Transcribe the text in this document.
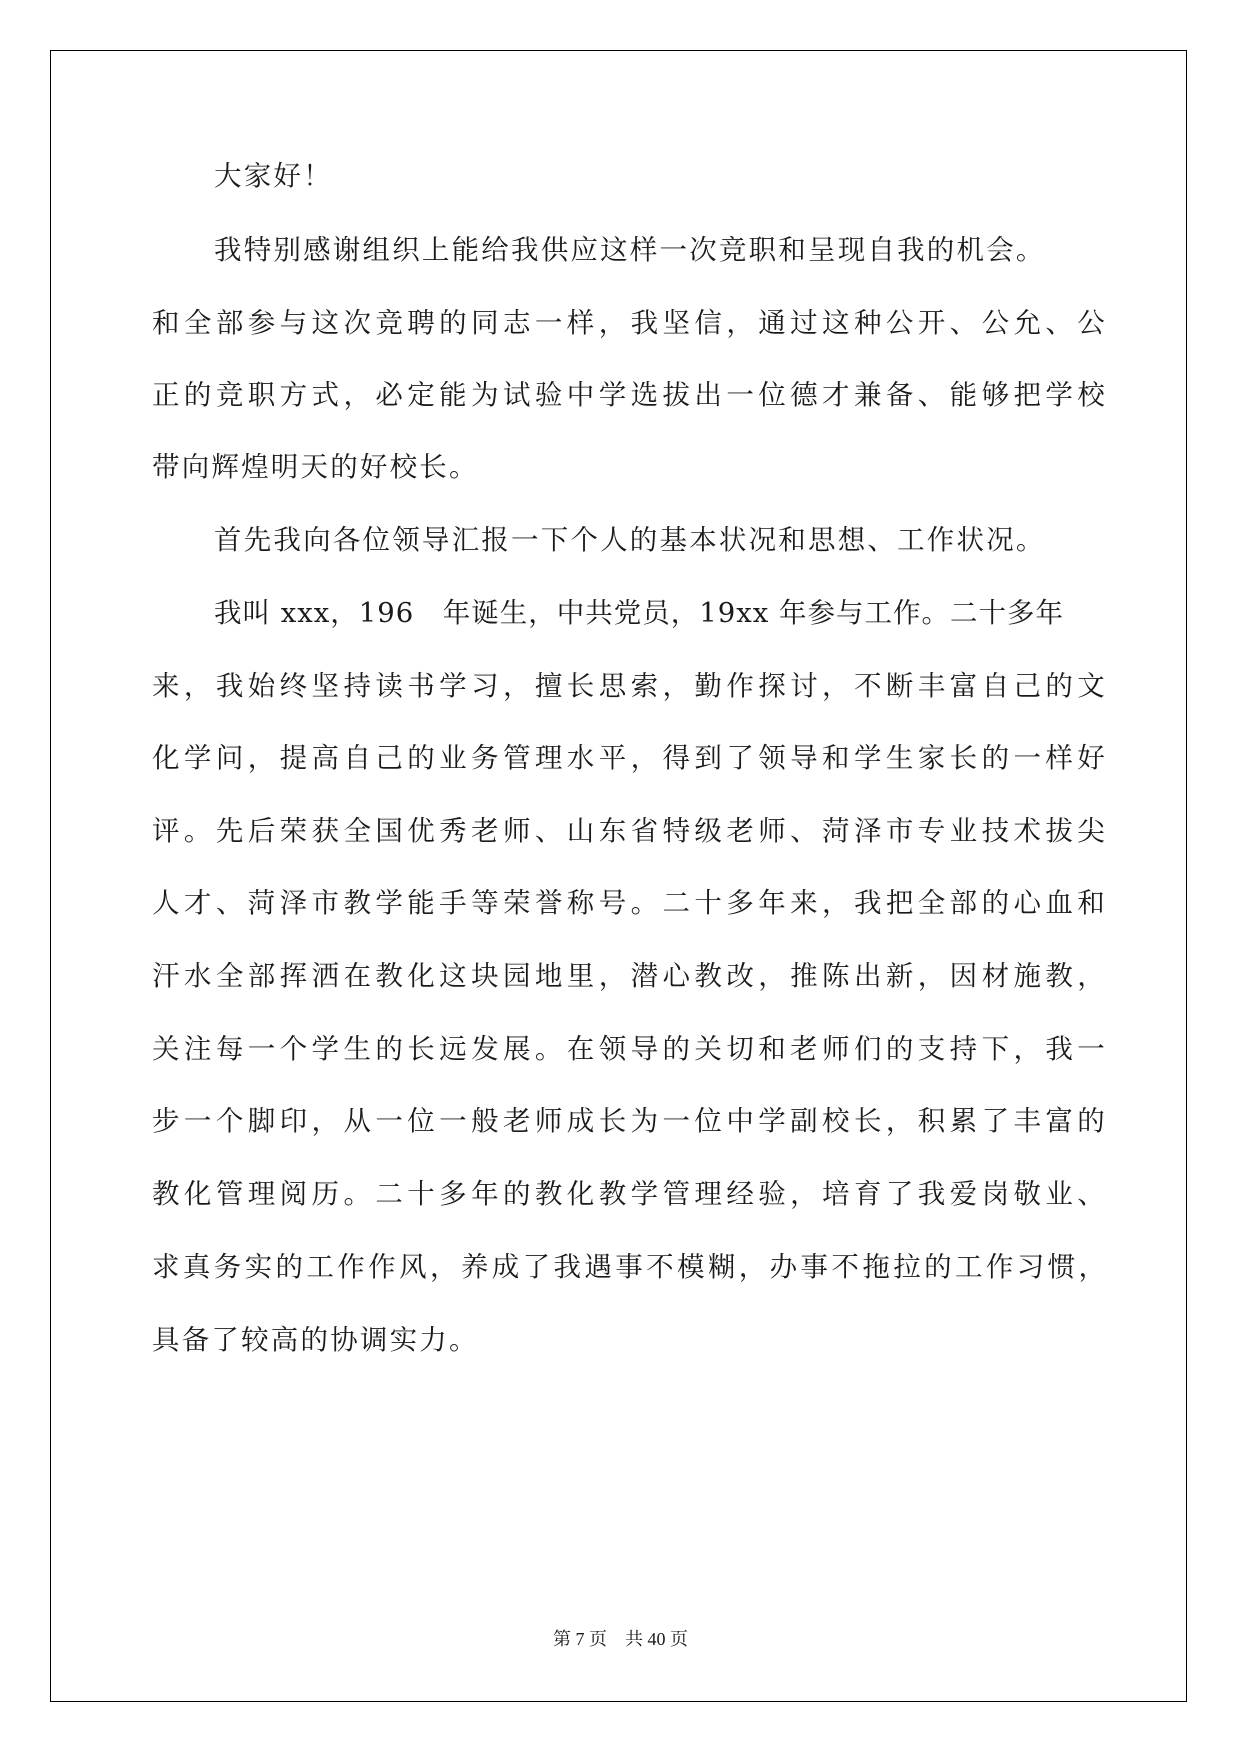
大家好！
我特别感谢组织上能给我供应这样一次竞职和呈现自我的机会。
和全部参与这次竞聘的同志一样，我坚信，通过这种公开、公允、公
正的竞职方式，必定能为试验中学选拔出一位德才兼备、能够把学校
带向辉煌明天的好校长。
首先我向各位领导汇报一下个人的基本状况和思想、工作状况。
我叫 xxx，196　年诞生，中共党员，19xx 年参与工作。二十多年
来，我始终坚持读书学习，擅长思索，勤作探讨，不断丰富自己的文
化学问，提高自己的业务管理水平，得到了领导和学生家长的一样好
评。先后荣获全国优秀老师、山东省特级老师、菏泽市专业技术拔尖
人才、菏泽市教学能手等荣誉称号。二十多年来，我把全部的心血和
汗水全部挥洒在教化这块园地里，潜心教改，推陈出新，因材施教，
关注每一个学生的长远发展。在领导的关切和老师们的支持下，我一
步一个脚印，从一位一般老师成长为一位中学副校长，积累了丰富的
教化管理阅历。二十多年的教化教学管理经验，培育了我爱岗敬业、
求真务实的工作作风，养成了我遇事不模糊，办事不拖拉的工作习惯，
具备了较高的协调实力。
第 7 页　共 40 页
